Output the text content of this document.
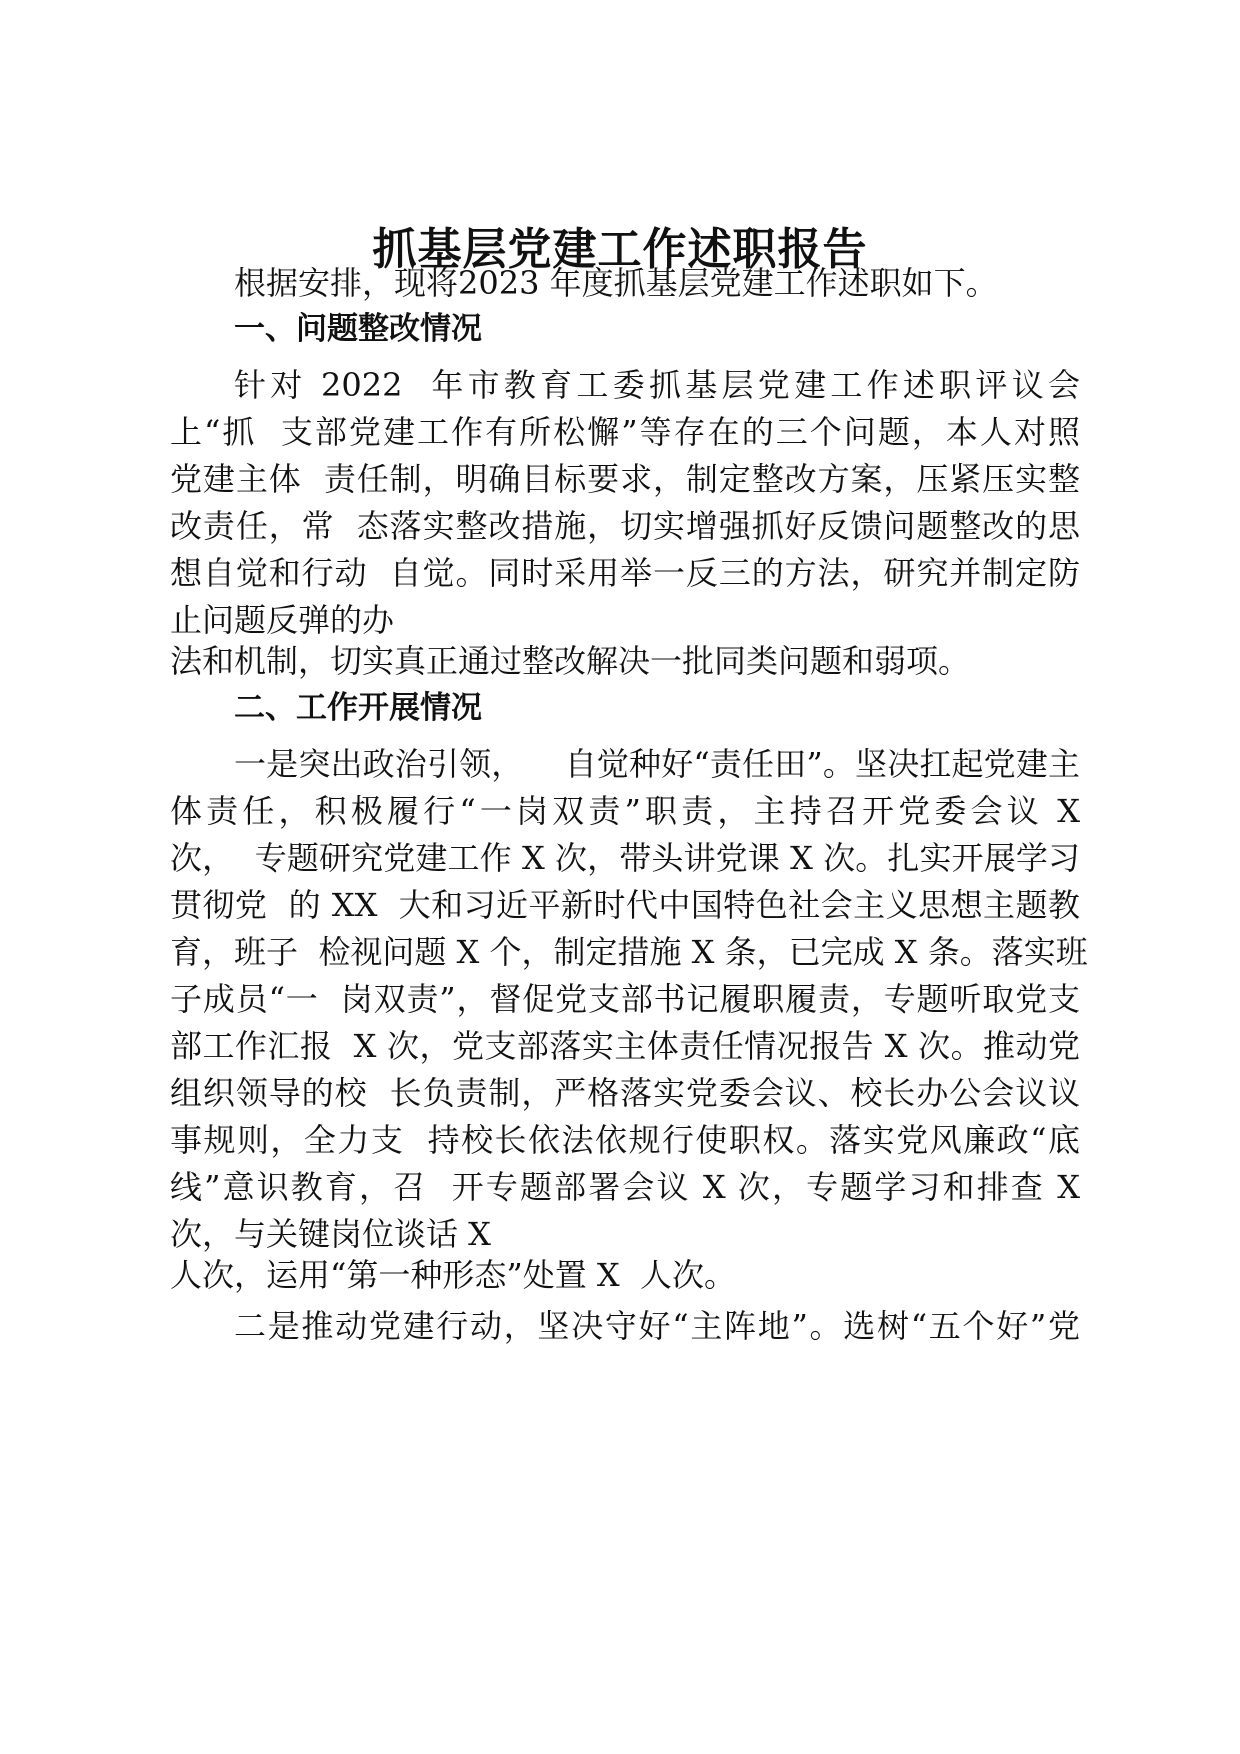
抓基层党建工作述职报告

根据安排，现将2023 年度抓基层党建工作述职如下。

一、问题整改情况

针对 2022  年市教育工委抓基层党建工作述职评议会

上“抓  支部党建工作有所松懈”等存在的三个问题，本人对照

党建主体  责任制，明确目标要求，制定整改方案，压紧压实整

改责任，常  态落实整改措施，切实增强抓好反馈问题整改的思

想自觉和行动  自觉。同时采用举一反三的方法，研究并制定防

止问题反弹的办

法和机制，切实真正通过整改解决一批同类问题和弱项。

二、工作开展情况

一是突出政治引领，    自觉种好“责任田”。坚决扛起党建主

体责任，积极履行“一岗双责”职责，主持召开党委会议 X

次，  专题研究党建工作 X 次，带头讲党课 X 次。扎实开展学习

贯彻党  的 XX  大和习近平新时代中国特色社会主义思想主题教

育，班子  检视问题 X 个，制定措施 X 条，已完成 X 条。落实班

子成员“一  岗双责”，督促党支部书记履职履责，专题听取党支

部工作汇报  X 次，党支部落实主体责任情况报告 X 次。推动党

组织领导的校  长负责制，严格落实党委会议、校长办公会议议

事规则，全力支  持校长依法依规行使职权。落实党风廉政“底

线”意识教育，召  开专题部署会议 X 次，专题学习和排查 X

次，与关键岗位谈话 X

人次，运用“第一种形态”处置 X  人次。

二是推动党建行动，坚决守好“主阵地”。选树“五个好”党
